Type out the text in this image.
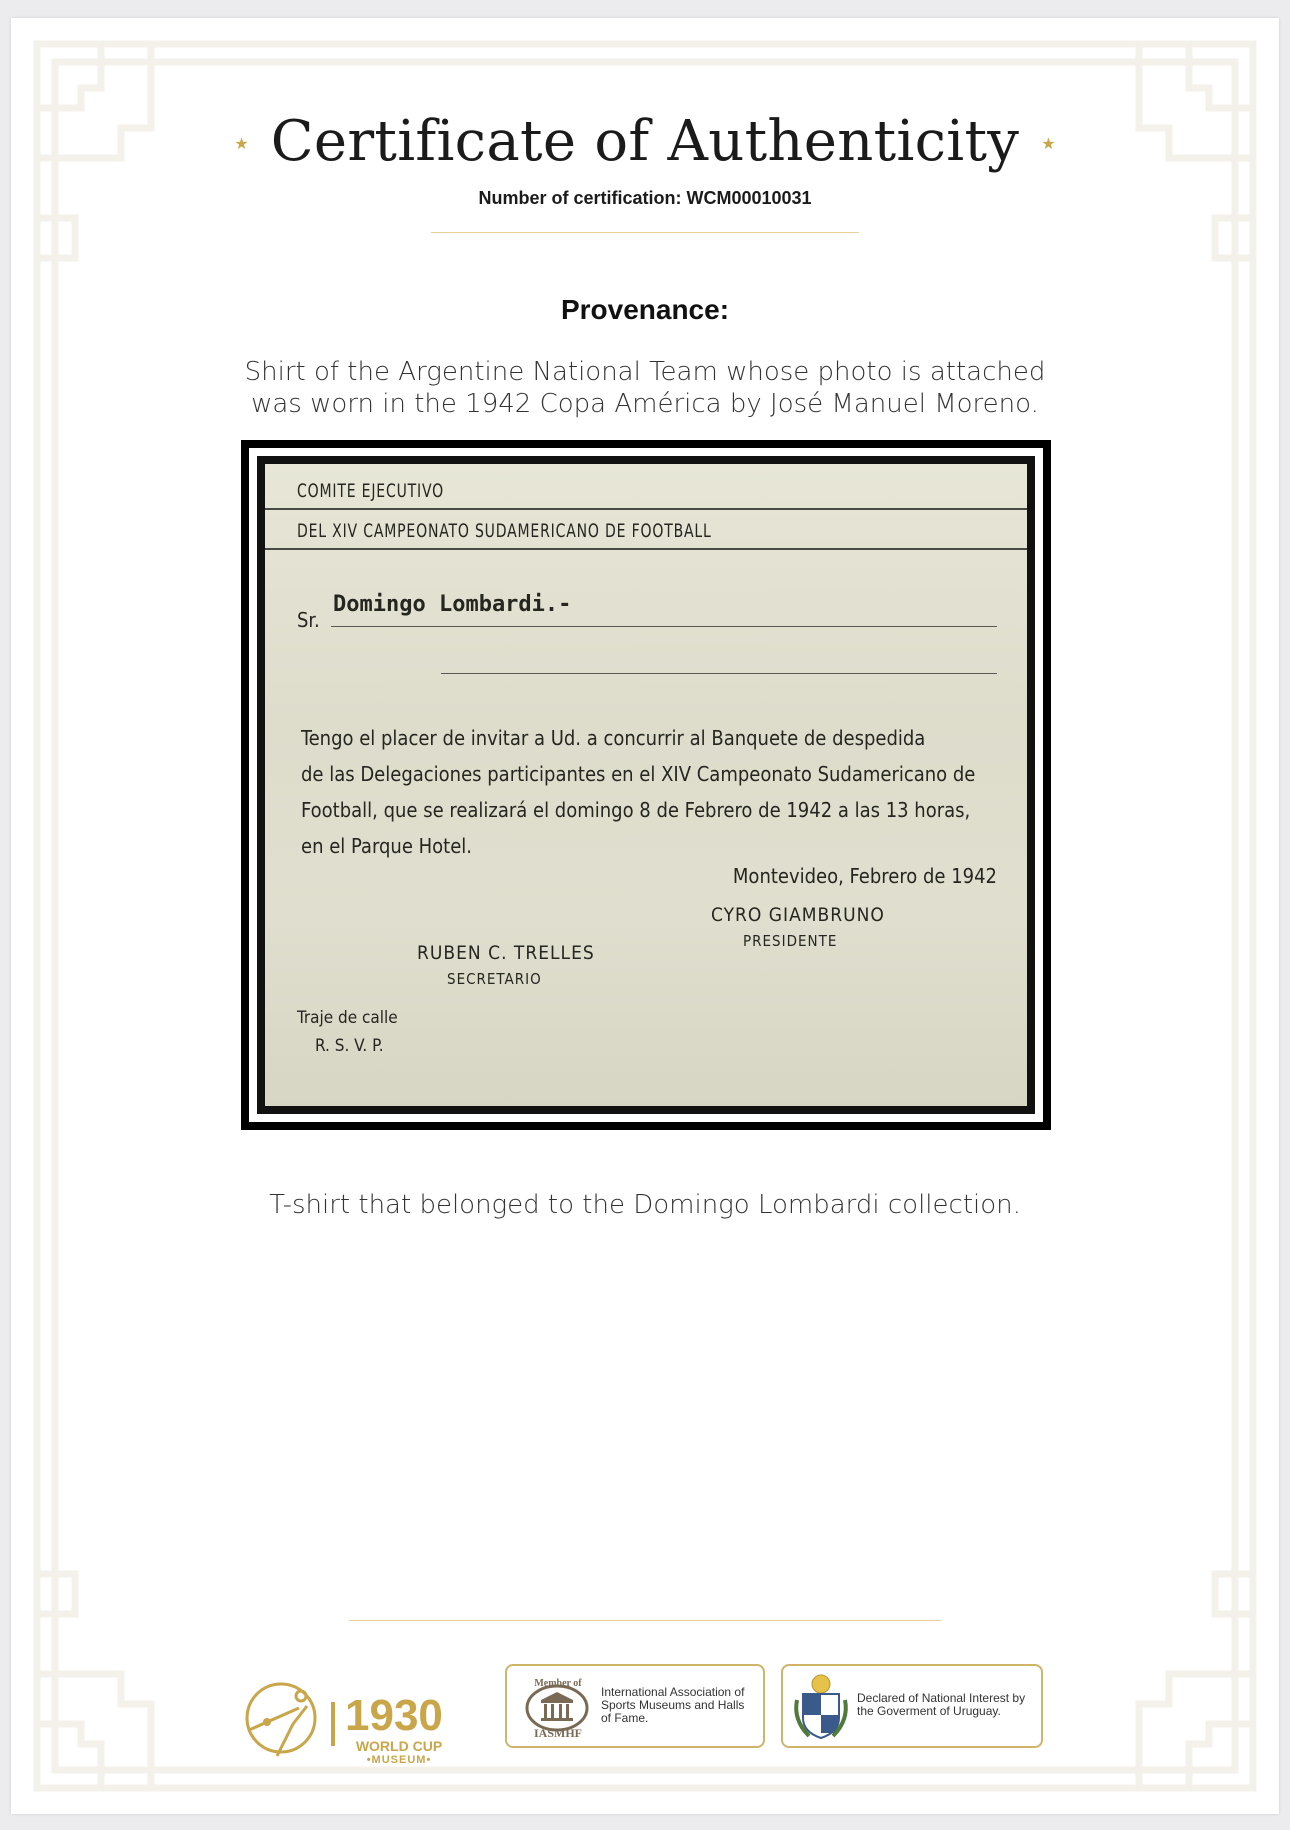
★ Certificate of Authenticity ★
Number of certification: WCM00010031
Provenance:
Shirt of the Argentine National Team whose photo is attached
was worn in the 1942 Copa América by José Manuel Moreno.
COMITE EJECUTIVO
DEL XIV CAMPEONATO SUDAMERICANO DE FOOTBALL
Sr.
Domingo Lombardi.-
Tengo el placer de invitar a Ud. a concurrir al Banquete de despedida
de las Delegaciones participantes en el XIV Campeonato Sudamericano de
Football, que se realizará el domingo 8 de Febrero de 1942 a las 13 horas,
en el Parque Hotel.
Montevideo, Febrero de 1942
CYRO GIAMBRUNO
PRESIDENTE
RUBEN C. TRELLES
SECRETARIO
Traje de calle
R. S. V. P.
T-shirt that belonged to the Domingo Lombardi collection.
1930
WORLD CUP
•MUSEUM•
Member of
IASMHF
International Association of Sports Museums and Halls of Fame.
Declared of National Interest by the Goverment of Uruguay.
